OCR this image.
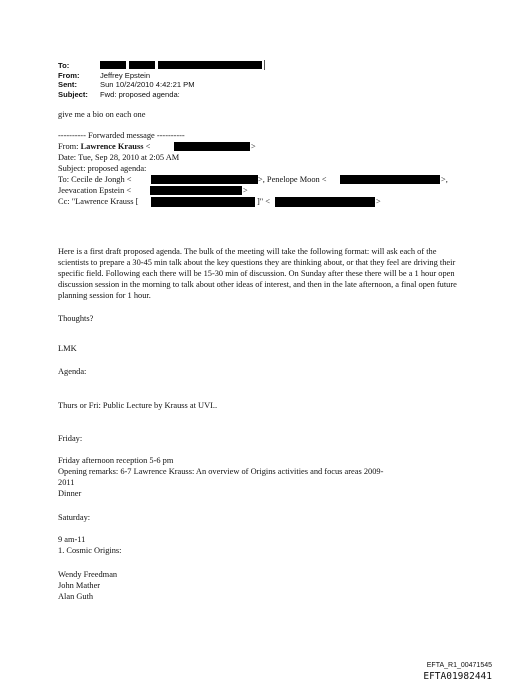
To:
From:	Jeffrey Epstein
Sent:	Sun 10/24/2010 4:42:21 PM
Subject: Fwd: proposed agenda:
give me a bio on each one
---------- Forwarded message ----------
From: Lawrence Krauss <	>
Date: Tue, Sep 28, 2010 at 2:05 AM
Subject: proposed agenda:
To: Cecile de Jongh <	>, Penelope Moon <	>,
Jeevacation Epstein <	>
Cc: "Lawrence Krauss [	]" <	>
Here is a first draft proposed agenda. The bulk of the meeting will take the following format: will ask each of the scientists to prepare a 30-45 min talk about the key questions they are thinking about, or that they feel are driving their specific field. Following each there will be 15-30 min of discussion. On Sunday after these there will be a 1 hour open discussion session in the morning to talk about other ideas of interest, and then in the late afternoon, a final open future planning session for 1 hour.
Thoughts?
LMK
Agenda:
Thurs or Fri: Public Lecture by Krauss at UVI..
Friday:
Friday afternoon reception 5-6 pm
Opening remarks: 6-7 Lawrence Krauss: An overview of Origins activities and focus areas 2009-
2011
Dinner
Saturday:
9 am-11
1. Cosmic Origins:
Wendy Freedman
John Mather
Alan Guth
EFTA_R1_00471545
EFTA01982441
